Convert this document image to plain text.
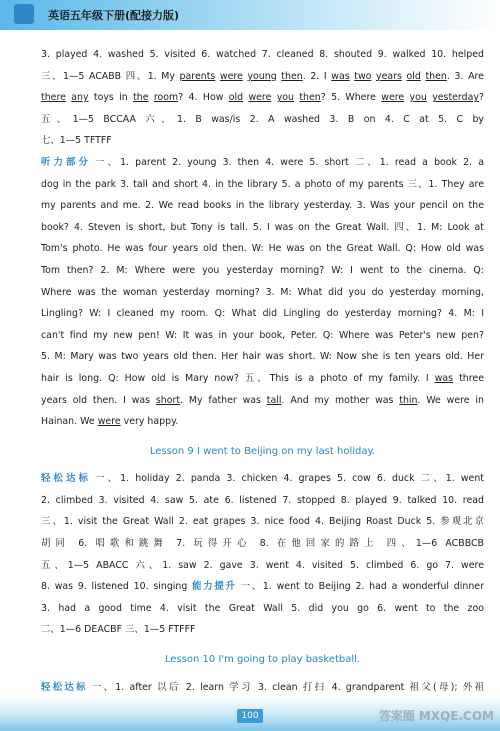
英语五年级下册(配接力版)
3. played 4. washed 5. visited 6. watched 7. cleaned 8. shouted 9. walked 10. helped
三、1—5 ACABB 四、1. My parents were young then. 2. I was two years old then. 3. Are
there any toys in the room? 4. How old were you then? 5. Where were you yesterday?
五、1—5 BCCAA 六、1. B was/is 2. A washed 3. B on 4. C at 5. C by
七、1—5 TFTFF
听力部分 一、1. parent 2. young 3. then 4. were 5. short 二、1. read a book 2. a
dog in the park 3. tall and short 4. in the library 5. a photo of my parents 三、1. They are
my parents and me. 2. We read books in the library yesterday. 3. Was your pencil on the
book? 4. Steven is short, but Tony is tall. 5. I was on the Great Wall. 四、1. M: Look at
Tom's photo. He was four years old then. W: He was on the Great Wall. Q: How old was
Tom then? 2. M: Where were you yesterday morning? W: I went to the cinema. Q:
Where was the woman yesterday morning? 3. M: What did you do yesterday morning,
Lingling? W: I cleaned my room. Q: What did Lingling do yesterday morning? 4. M: I
can't find my new pen! W: It was in your book, Peter. Q: Where was Peter's new pen?
5. M: Mary was two years old then. Her hair was short. W: Now she is ten years old. Her
hair is long. Q: How old is Mary now? 五、This is a photo of my family. I was three
years old then. I was short. My father was tall. And my mother was thin. We were in
Hainan. We were very happy.
Lesson 9 I went to Beijing on my last holiday.
轻松达标 一、1. holiday 2. panda 3. chicken 4. grapes 5. cow 6. duck 二、1. went
2. climbed 3. visited 4. saw 5. ate 6. listened 7. stopped 8. played 9. talked 10. read
三、1. visit the Great Wall 2. eat grapes 3. nice food 4. Beijing Roast Duck 5. 参观北京
胡同 6. 唱歌和跳舞 7. 玩得开心 8. 在他回家的路上 四、1—6 ACBBCB
五、1—5 ABACC 六、1. saw 2. gave 3. went 4. visited 5. climbed 6. go 7. were
8. was 9. listened 10. singing 能力提升 一、1. went to Beijing 2. had a wonderful dinner
3. had a good time 4. visit the Great Wall 5. did you go 6. went to the zoo
二、1—6 DEACBF 三、1—5 FTFFF
Lesson 10 I'm going to play basketball.
轻松达标 一、1. after 以后 2. learn 学习 3. clean 打扫 4. grandparent 祖父(母); 外祖
100	答案圈 MXQE.COM
